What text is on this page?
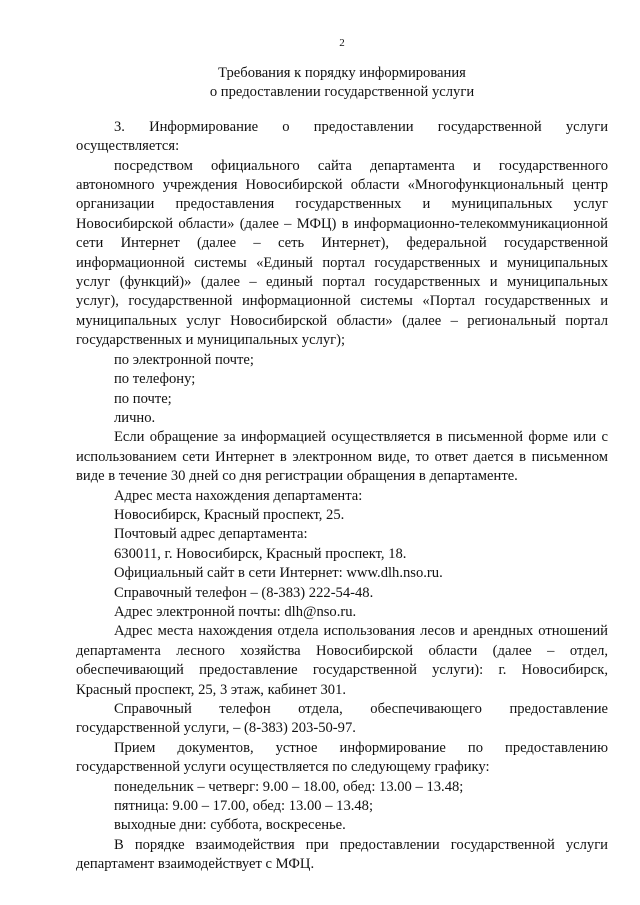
2
Требования к порядку информирования
о предоставлении государственной услуги

3. Информирование о предоставлении государственной услуги осуществляется:

посредством официального сайта департамента и государственного автономного учреждения Новосибирской области «Многофункциональный центр организации предоставления государственных и муниципальных услуг Новосибирской области» (далее – МФЦ) в информационно-телекоммуникационной сети Интернет (далее – сеть Интернет), федеральной государственной информационной системы «Единый портал государственных и муниципальных услуг (функций)» (далее – единый портал государственных и муниципальных услуг), государственной информационной системы «Портал государственных и муниципальных услуг Новосибирской области» (далее – региональный портал государственных и муниципальных услуг);

по электронной почте;

по телефону;

по почте;

лично.

Если обращение за информацией осуществляется в письменной форме или с использованием сети Интернет в электронном виде, то ответ дается в письменном виде в течение 30 дней со дня регистрации обращения в департаменте.

Адрес места нахождения департамента:

Новосибирск, Красный проспект, 25.

Почтовый адрес департамента:

630011, г. Новосибирск, Красный проспект, 18.

Официальный сайт в сети Интернет: www.dlh.nso.ru.

Справочный телефон – (8-383) 222-54-48.

Адрес электронной почты: dlh@nso.ru.

Адрес места нахождения отдела использования лесов и арендных отношений департамента лесного хозяйства Новосибирской области (далее – отдел, обеспечивающий предоставление государственной услуги): г. Новосибирск, Красный проспект, 25, 3 этаж, кабинет 301.

Справочный телефон отдела, обеспечивающего предоставление государственной услуги, – (8-383) 203-50-97.

Прием документов, устное информирование по предоставлению государственной услуги осуществляется по следующему графику:

понедельник – четверг: 9.00 – 18.00, обед: 13.00 – 13.48;

пятница: 9.00 – 17.00, обед: 13.00 – 13.48;

выходные дни: суббота, воскресенье.

В порядке взаимодействия при предоставлении государственной услуги департамент взаимодействует с МФЦ.
